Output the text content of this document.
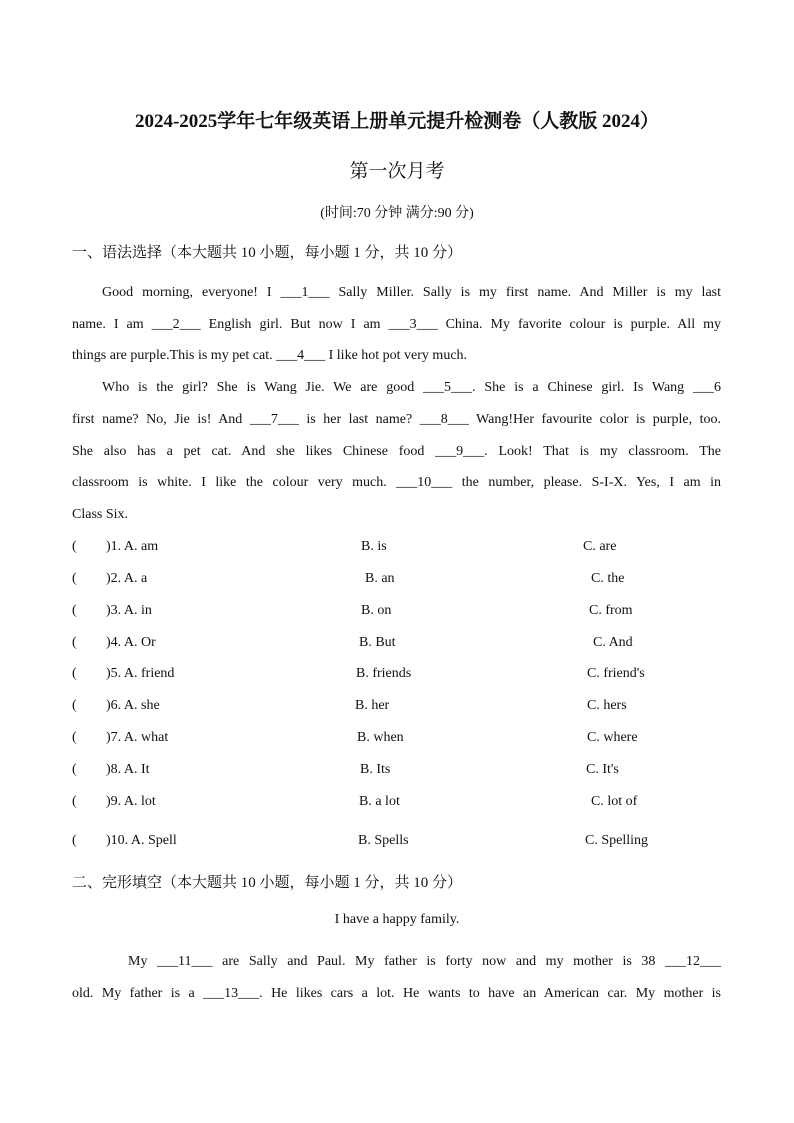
2024-2025学年七年级英语上册单元提升检测卷（人教版 2024）
第一次月考
(时间:70 分钟 满分:90 分)
一、语法选择（本大题共 10 小题，每小题 1 分，共 10 分）
Good morning, everyone! I ___1___ Sally Miller. Sally is my first name. And Miller is my last
name. I am ___2___ English girl. But now I am ___3___ China. My favorite colour is purple. All my
things are purple.This is my pet cat. ___4___ I like hot pot very much.
Who is the girl? She is Wang Jie. We are good ___5___. She is a Chinese girl. Is Wang ___6
first name? No, Jie is! And ___7___ is her last name? ___8___ Wang!Her favourite color is purple, too.
She also has a pet cat. And she likes Chinese food ___9___. Look! That is my classroom. The
classroom is white. I like the colour very much. ___10___ the number, please. S-I-X. Yes, I am in
Class Six.
( )1. A. am	B. is	C. are
( )2. A. a	B. an	C. the
( )3. A. in	B. on	C. from
( )4. A. Or	B. But	C. And
( )5. A. friend	B. friends	C. friend's
( )6. A. she	B. her	C. hers
( )7. A. what	B. when	C. where
( )8. A. It	B. Its	C. It's
( )9. A. lot	B. a lot	C. lot of
( )10. A. Spell	B. Spells	C. Spelling
二、完形填空（本大题共 10 小题，每小题 1 分，共 10 分）
I have a happy family.
My ___11___ are Sally and Paul. My father is forty now and my mother is 38 ___12___
old. My father is a ___13___. He likes cars a lot. He wants to have an American car. My mother is
